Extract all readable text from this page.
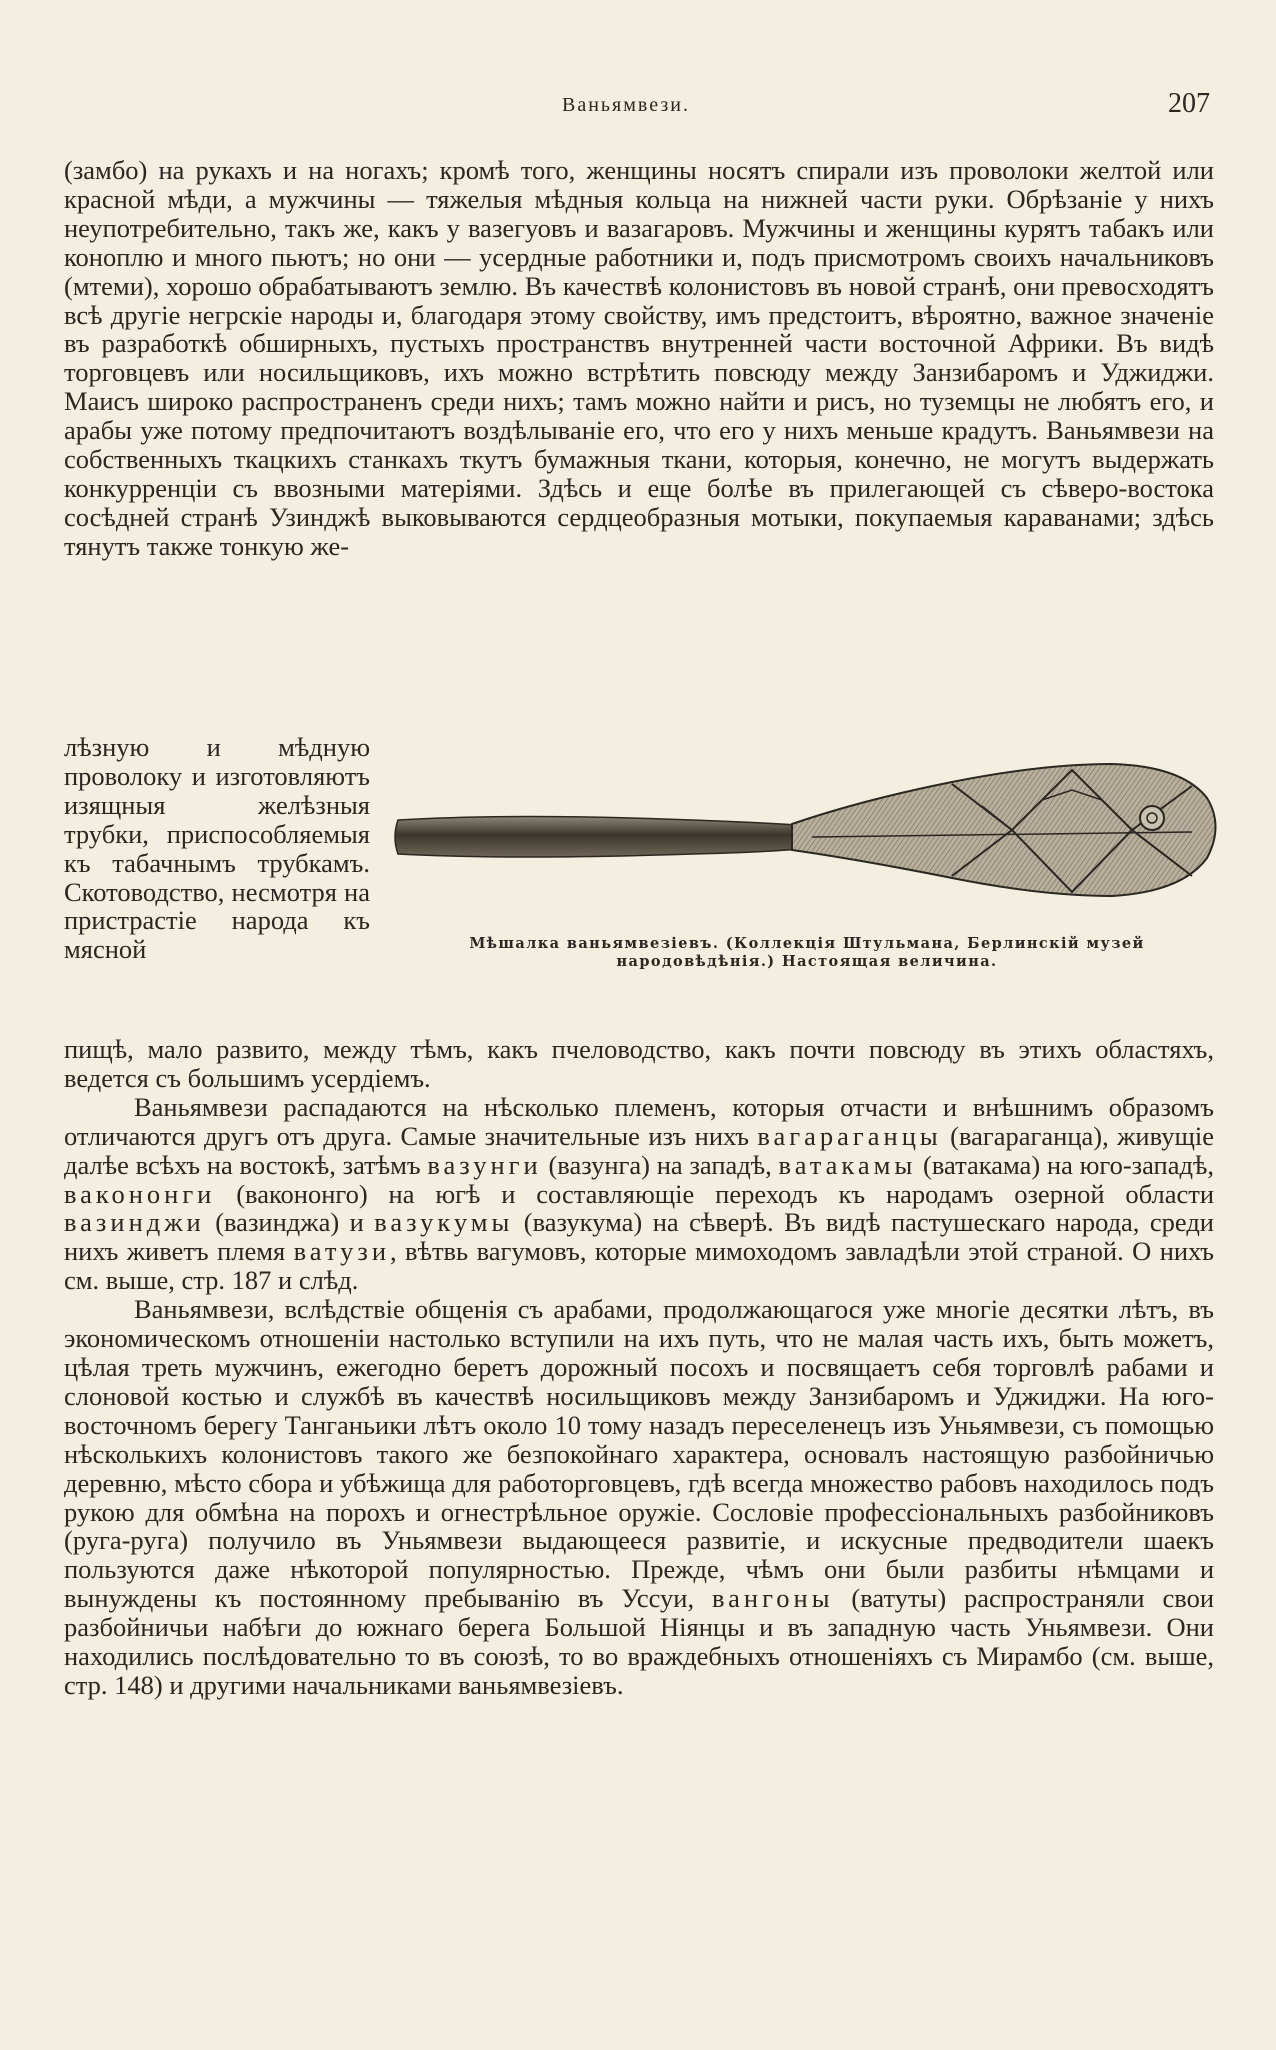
Ваньямвези.	207

(замбо) на рукахъ и на ногахъ; кромѣ того, женщины носятъ спирали изъ проволоки желтой или красной мѣди, а мужчины — тяжелыя мѣдныя кольца на нижней части руки. Обрѣзаніе у нихъ неупотребительно, такъ же, какъ у вазегуовъ и вазагаровъ. Мужчины и женщины курятъ табакъ или коноплю и много пьютъ; но они — усердные работники и, подъ присмотромъ своихъ начальниковъ (мтеми), хорошо обрабатываютъ землю. Въ качествѣ колонистовъ въ новой странѣ, они превосходятъ всѣ другіе негрскіе народы и, благодаря этому свойству, имъ предстоитъ, вѣроятно, важное значеніе въ разработкѣ обширныхъ, пустыхъ пространствъ внутренней части восточной Африки. Въ видѣ торговцевъ или носильщиковъ, ихъ можно встрѣтить повсюду между Занзибаромъ и Уджиджи. Маисъ широко распространенъ среди нихъ; тамъ можно найти и рисъ, но туземцы не любятъ его, и арабы уже потому предпочитаютъ воздѣлываніе его, что его у нихъ меньше крадутъ. Ваньямвези на собственныхъ ткацкихъ станкахъ ткутъ бумажныя ткани, которыя, конечно, не могутъ выдержать конкурренціи съ ввозными матеріями. Здѣсь и еще болѣе въ прилегающей съ сѣверо-востока сосѣдней странѣ Узинджѣ выковываются сердцеобразныя мотыки, покупаемыя караванами; здѣсь тянутъ также тонкую же-

лѣзную и мѣдную проволоку и изготовляютъ изящныя желѣзныя трубки, приспособляемыя къ табачнымъ трубкамъ. Скотоводство, несмотря на пристрастіе народа къ мясной	Мѣшалка ваньямвезіевъ. (Коллекція Штульмана, Берлинскій музей
народовѣдѣнія.) Настоящая величина.

пищѣ, мало развито, между тѣмъ, какъ пчеловодство, какъ почти повсюду въ этихъ областяхъ, ведется съ большимъ усердіемъ.

Ваньямвези распадаются на нѣсколько племенъ, которыя отчасти и внѣшнимъ образомъ отличаются другъ отъ друга. Самые значительные изъ нихъ вагараганцы (вагараганца), живущіе далѣе всѣхъ на востокѣ, затѣмъ вазунги (вазунга) на западѣ, ватакамы (ватакама) на юго-западѣ, вакононги (вакононго) на югѣ и составляющіе переходъ къ народамъ озерной области вазинджи (вазинджа) и вазукумы (вазукума) на сѣверѣ. Въ видѣ пастушескаго народа, среди нихъ живетъ племя ватузи, вѣтвь вагумовъ, которые мимоходомъ завладѣли этой страной. О нихъ см. выше, стр. 187 и слѣд.

Ваньямвези, вслѣдствіе общенія съ арабами, продолжающагося уже многіе десятки лѣтъ, въ экономическомъ отношеніи настолько вступили на ихъ путь, что не малая часть ихъ, быть можетъ, цѣлая треть мужчинъ, ежегодно беретъ дорожный посохъ и посвящаетъ себя торговлѣ рабами и слоновой костью и службѣ въ качествѣ носильщиковъ между Занзибаромъ и Уджиджи. На юго-восточномъ берегу Танганьики лѣтъ около 10 тому назадъ переселенецъ изъ Уньямвези, съ помощью нѣсколькихъ колонистовъ такого же безпокойнаго характера, основалъ настоящую разбойничью деревню, мѣсто сбора и убѣжища для работорговцевъ, гдѣ всегда множество рабовъ находилось подъ рукою для обмѣна на порохъ и огнестрѣльное оружіе. Сословіе профессіональныхъ разбойниковъ (руга-руга) получило въ Уньямвези выдающееся развитіе, и искусные предводители шаекъ пользуются даже нѣкоторой популярностью. Прежде, чѣмъ они были разбиты нѣмцами и вынуждены къ постоянному пребыванію въ Уссуи, вангоны (ватуты) распространяли свои разбойничьи набѣги до южнаго берега Большой Ніянцы и въ западную часть Уньямвези. Они находились послѣдовательно то въ союзѣ, то во враждебныхъ отношеніяхъ съ Мирамбо (см. выше, стр. 148) и другими начальниками ваньямвезіевъ.
